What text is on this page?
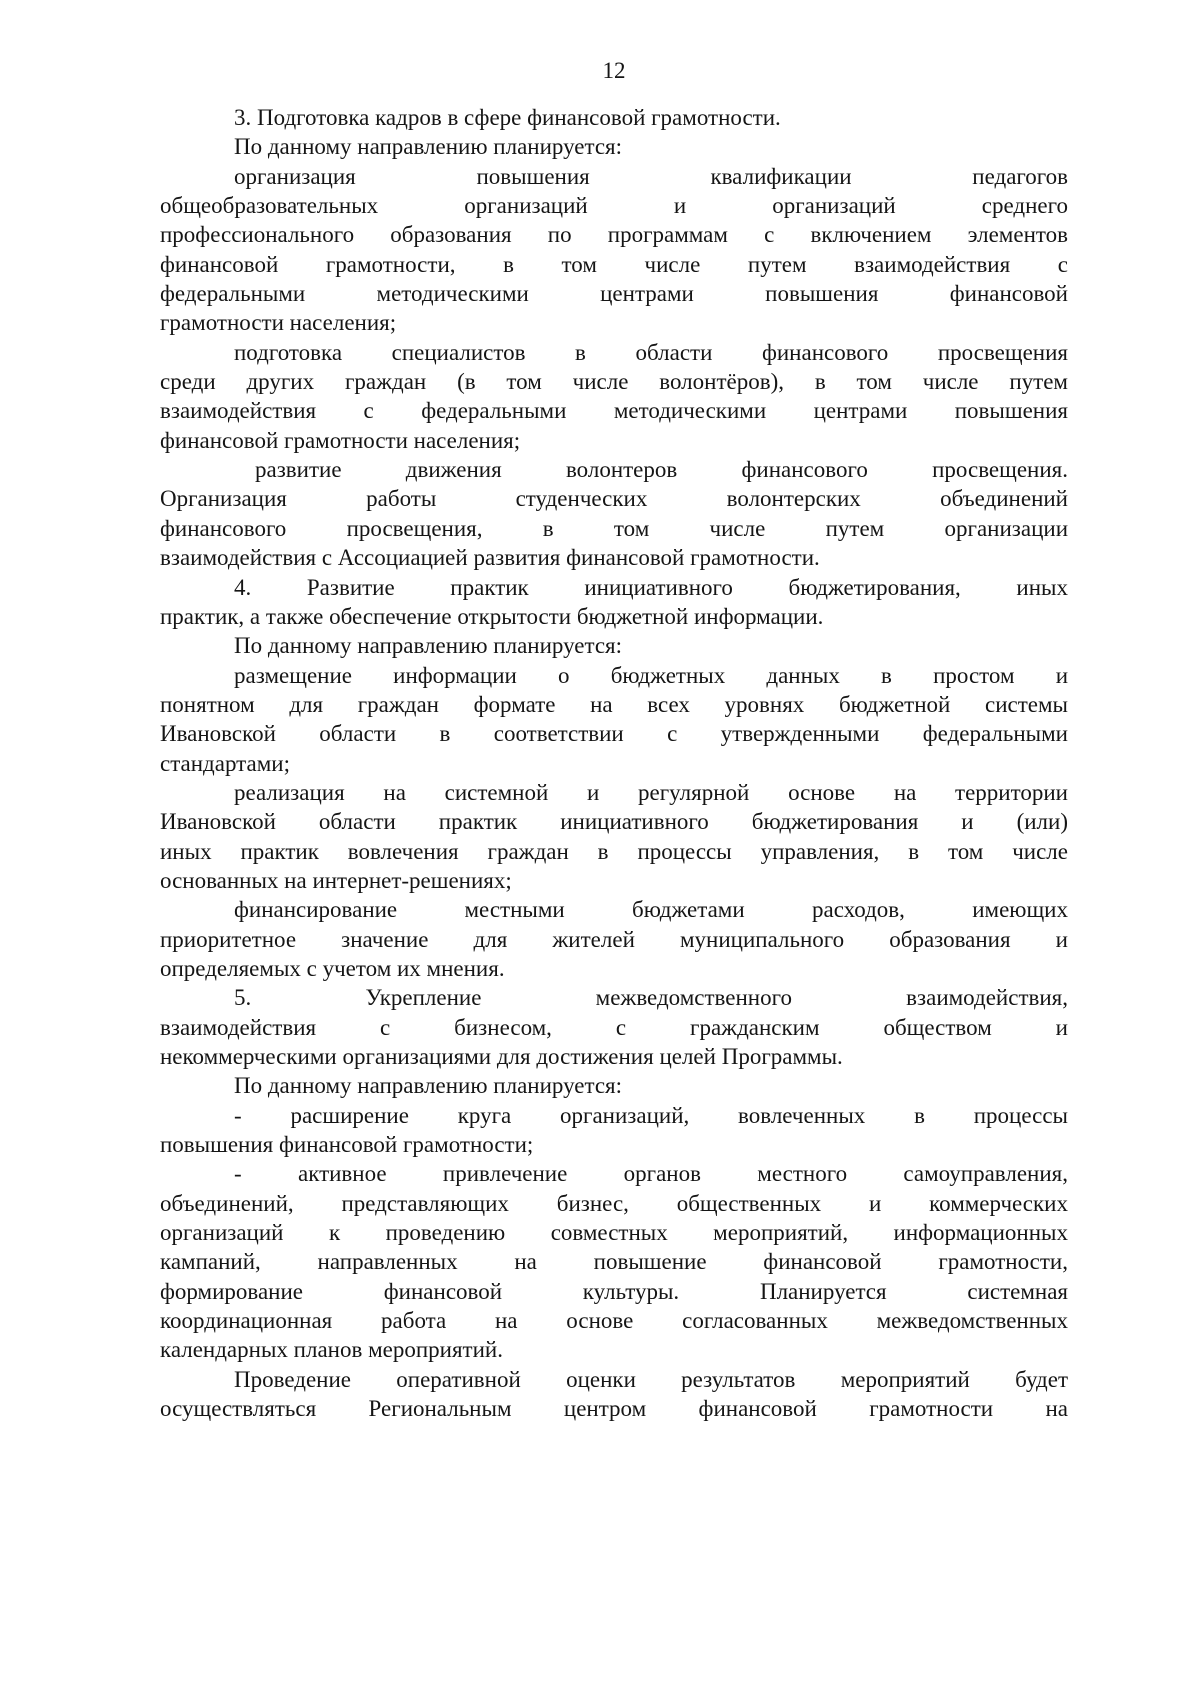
12
3. Подготовка кадров в сфере финансовой грамотности.
По данному направлению планируется:
организация повышения квалификации педагогов
общеобразовательных организаций и организаций среднего
профессионального образования по программам с включением элементов
финансовой грамотности, в том числе путем взаимодействия с
федеральными методическими центрами повышения финансовой
грамотности населения;
подготовка специалистов в области финансового просвещения
среди других граждан (в том числе волонтёров), в том числе путем
взаимодействия с федеральными методическими центрами повышения
финансовой грамотности населения;
развитие движения волонтеров финансового просвещения.
Организация работы студенческих волонтерских объединений
финансового просвещения, в том числе путем организации
взаимодействия с Ассоциацией развития финансовой грамотности.
4. Развитие практик инициативного бюджетирования, иных
практик, а также обеспечение открытости бюджетной информации.
По данному направлению планируется:
размещение информации о бюджетных данных в простом и
понятном для граждан формате на всех уровнях бюджетной системы
Ивановской области в соответствии с утвержденными федеральными
стандартами;
реализация на системной и регулярной основе на территории
Ивановской области практик инициативного бюджетирования и (или)
иных практик вовлечения граждан в процессы управления, в том числе
основанных на интернет-решениях;
финансирование местными бюджетами расходов, имеющих
приоритетное значение для жителей муниципального образования и
определяемых с учетом их мнения.
5. Укрепление межведомственного взаимодействия,
взаимодействия с бизнесом, с гражданским обществом и
некоммерческими организациями для достижения целей Программы.
По данному направлению планируется:
- расширение круга организаций, вовлеченных в процессы
повышения финансовой грамотности;
- активное привлечение органов местного самоуправления,
объединений, представляющих бизнес, общественных и коммерческих
организаций к проведению совместных мероприятий, информационных
кампаний, направленных на повышение финансовой грамотности,
формирование финансовой культуры. Планируется системная
координационная работа на основе согласованных межведомственных
календарных планов мероприятий.
Проведение оперативной оценки результатов мероприятий будет
осуществляться Региональным центром финансовой грамотности на
